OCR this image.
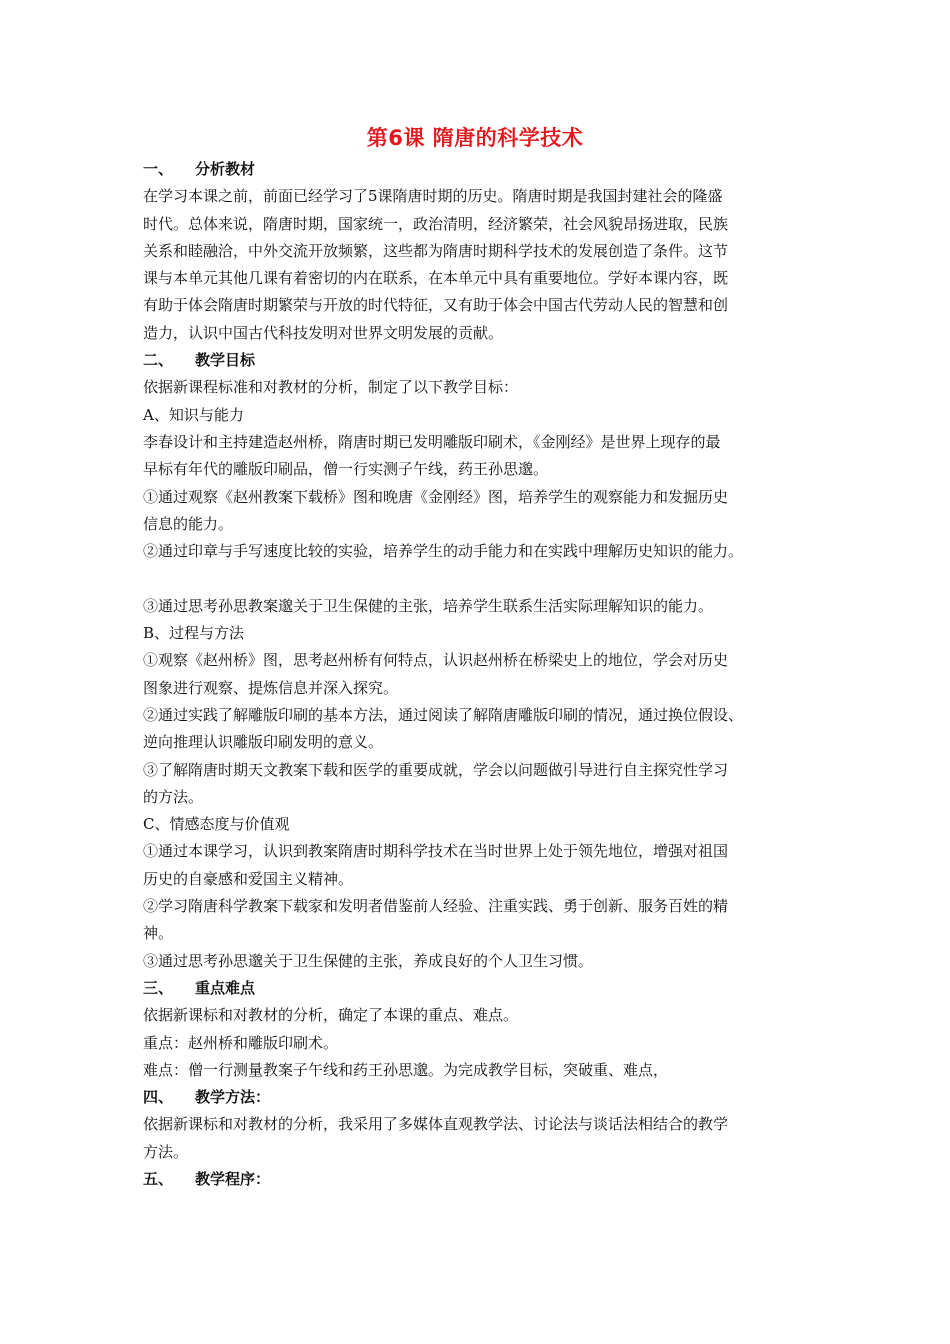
第6课 隋唐的科学技术
一、 分析教材
在学习本课之前，前面已经学习了5课隋唐时期的历史。隋唐时期是我国封建社会的隆盛
时代。总体来说，隋唐时期，国家统一，政治清明，经济繁荣，社会风貌昂扬进取，民族
关系和睦融洽，中外交流开放频繁，这些都为隋唐时期科学技术的发展创造了条件。这节
课与本单元其他几课有着密切的内在联系，在本单元中具有重要地位。学好本课内容，既
有助于体会隋唐时期繁荣与开放的时代特征，又有助于体会中国古代劳动人民的智慧和创
造力，认识中国古代科技发明对世界文明发展的贡献。
二、 教学目标
依据新课程标准和对教材的分析，制定了以下教学目标：
A、知识与能力
李春设计和主持建造赵州桥，隋唐时期已发明雕版印刷术，《金刚经》是世界上现存的最
早标有年代的雕版印刷品，僧一行实测子午线，药王孙思邈。
①通过观察《赵州教案下载桥》图和晚唐《金刚经》图，培养学生的观察能力和发掘历史
信息的能力。
②通过印章与手写速度比较的实验，培养学生的动手能力和在实践中理解历史知识的能力。
③通过思考孙思教案邈关于卫生保健的主张，培养学生联系生活实际理解知识的能力。
B、过程与方法
①观察《赵州桥》图，思考赵州桥有何特点，认识赵州桥在桥梁史上的地位，学会对历史
图象进行观察、提炼信息并深入探究。
②通过实践了解雕版印刷的基本方法，通过阅读了解隋唐雕版印刷的情况，通过换位假设、
逆向推理认识雕版印刷发明的意义。
③了解隋唐时期天文教案下载和医学的重要成就，学会以问题做引导进行自主探究性学习
的方法。
C、情感态度与价值观
①通过本课学习，认识到教案隋唐时期科学技术在当时世界上处于领先地位，增强对祖国
历史的自豪感和爱国主义精神。
②学习隋唐科学教案下载家和发明者借鉴前人经验、注重实践、勇于创新、服务百姓的精
神。
③通过思考孙思邈关于卫生保健的主张，养成良好的个人卫生习惯。
三、 重点难点
依据新课标和对教材的分析，确定了本课的重点、难点。
重点：赵州桥和雕版印刷术。
难点：僧一行测量教案子午线和药王孙思邈。为完成教学目标，突破重、难点，
四、 教学方法：
依据新课标和对教材的分析，我采用了多媒体直观教学法、讨论法与谈话法相结合的教学
方法。
五、 教学程序：
